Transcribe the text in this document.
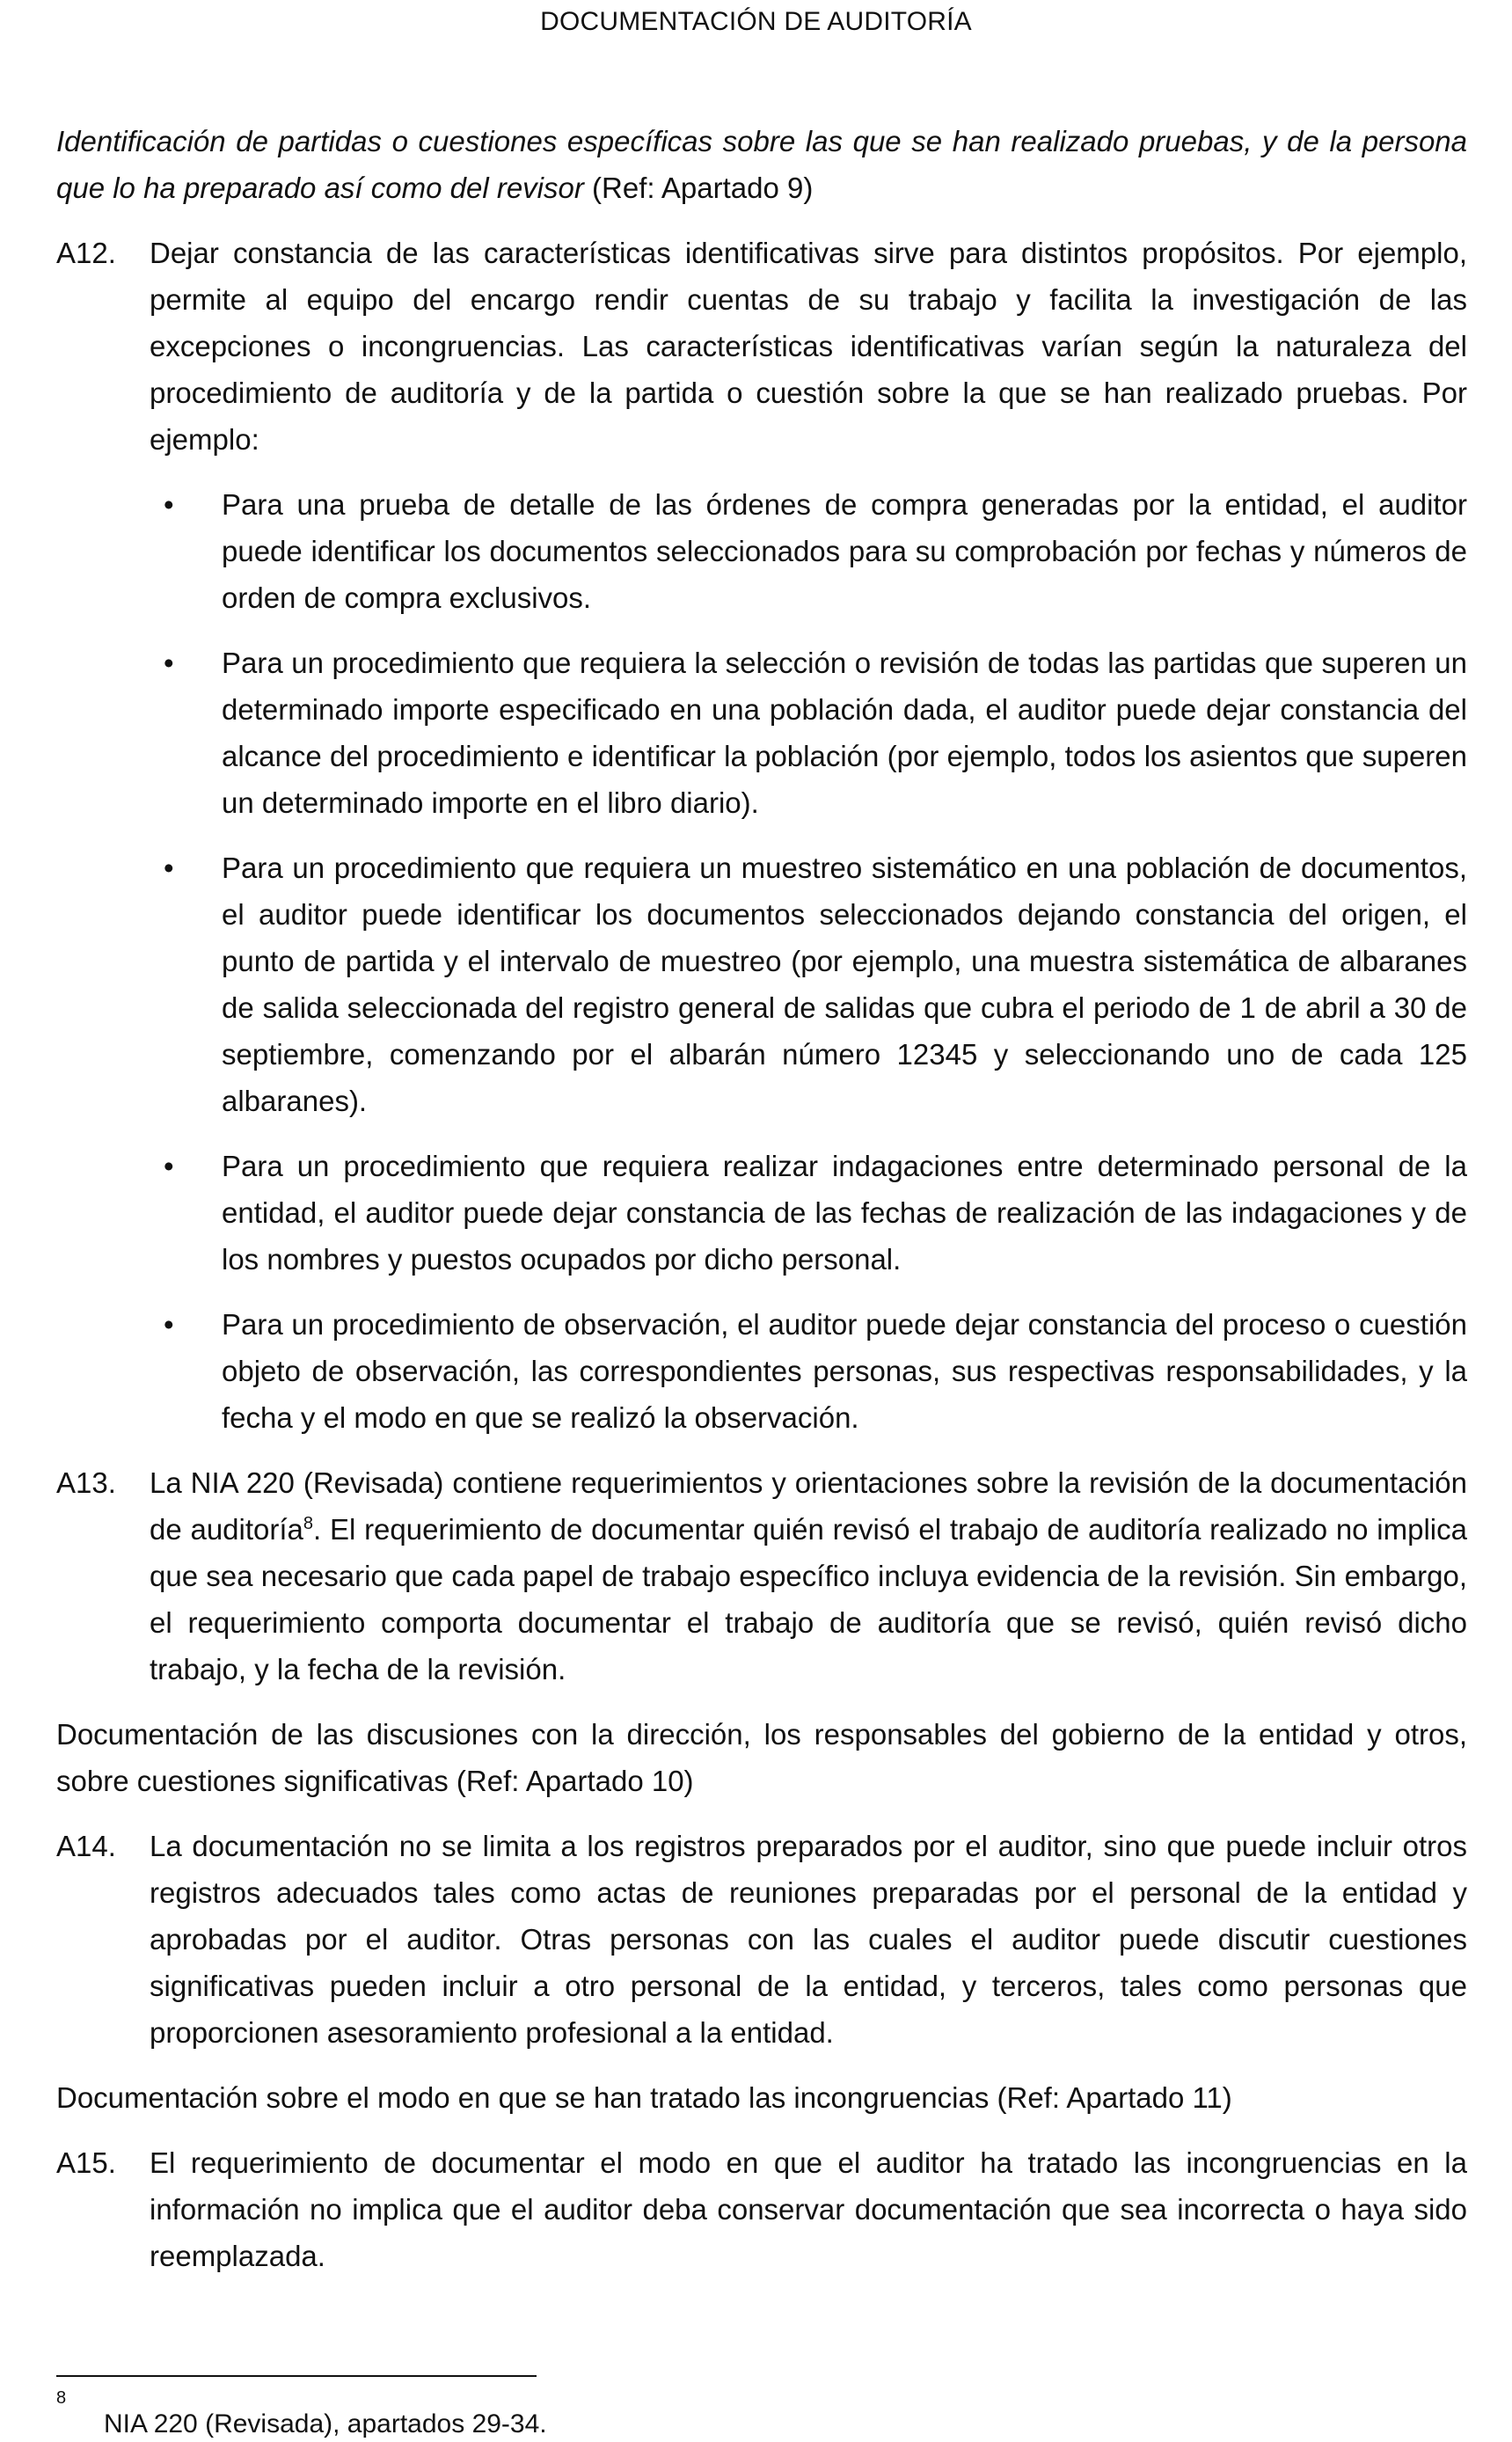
DOCUMENTACIÓN DE AUDITORÍA

Identificación de partidas o cuestiones específicas sobre las que se han realizado pruebas, y de la persona que lo ha preparado así como del revisor (Ref: Apartado 9)

A12.	Dejar constancia de las características identificativas sirve para distintos propósitos. Por ejemplo, permite al equipo del encargo rendir cuentas de su trabajo y facilita la investigación de las excepciones o incongruencias. Las características identificativas varían según la naturaleza del procedimiento de auditoría y de la partida o cuestión sobre la que se han realizado pruebas. Por ejemplo:

•	Para una prueba de detalle de las órdenes de compra generadas por la entidad, el auditor puede identificar los documentos seleccionados para su comprobación por fechas y números de orden de compra exclusivos.
•	Para un procedimiento que requiera la selección o revisión de todas las partidas que superen un determinado importe especificado en una población dada, el auditor puede dejar constancia del alcance del procedimiento e identificar la población (por ejemplo, todos los asientos que superen un determinado importe en el libro diario).
•	Para un procedimiento que requiera un muestreo sistemático en una población de documentos, el auditor puede identificar los documentos seleccionados dejando constancia del origen, el punto de partida y el intervalo de muestreo (por ejemplo, una muestra sistemática de albaranes de salida seleccionada del registro general de salidas que cubra el periodo de 1 de abril a 30 de septiembre, comenzando por el albarán número 12345 y seleccionando uno de cada 125 albaranes).
•	Para un procedimiento que requiera realizar indagaciones entre determinado personal de la entidad, el auditor puede dejar constancia de las fechas de realización de las indagaciones y de los nombres y puestos ocupados por dicho personal.
•	Para un procedimiento de observación, el auditor puede dejar constancia del proceso o cuestión objeto de observación, las correspondientes personas, sus respectivas responsabilidades, y la fecha y el modo en que se realizó la observación.
A13.	La NIA 220 (Revisada) contiene requerimientos y orientaciones sobre la revisión de la documentación de auditoría$^8$. El requerimiento de documentar quién revisó el trabajo de auditoría realizado no implica que sea necesario que cada papel de trabajo específico incluya evidencia de la revisión. Sin embargo, el requerimiento comporta documentar el trabajo de auditoría que se revisó, quién revisó dicho trabajo, y la fecha de la revisión.

Documentación de las discusiones con la dirección, los responsables del gobierno de la entidad y otros, sobre cuestiones significativas (Ref: Apartado 10)

A14.	La documentación no se limita a los registros preparados por el auditor, sino que puede incluir otros registros adecuados tales como actas de reuniones preparadas por el personal de la entidad y aprobadas por el auditor. Otras personas con las cuales el auditor puede discutir cuestiones significativas pueden incluir a otro personal de la entidad, y terceros, tales como personas que proporcionen asesoramiento profesional a la entidad.

Documentación sobre el modo en que se han tratado las incongruencias (Ref: Apartado 11)

A15.	El requerimiento de documentar el modo en que el auditor ha tratado las incongruencias en la información no implica que el auditor deba conservar documentación que sea incorrecta o haya sido reemplazada.

8
NIA 220 (Revisada), apartados 29-34.
